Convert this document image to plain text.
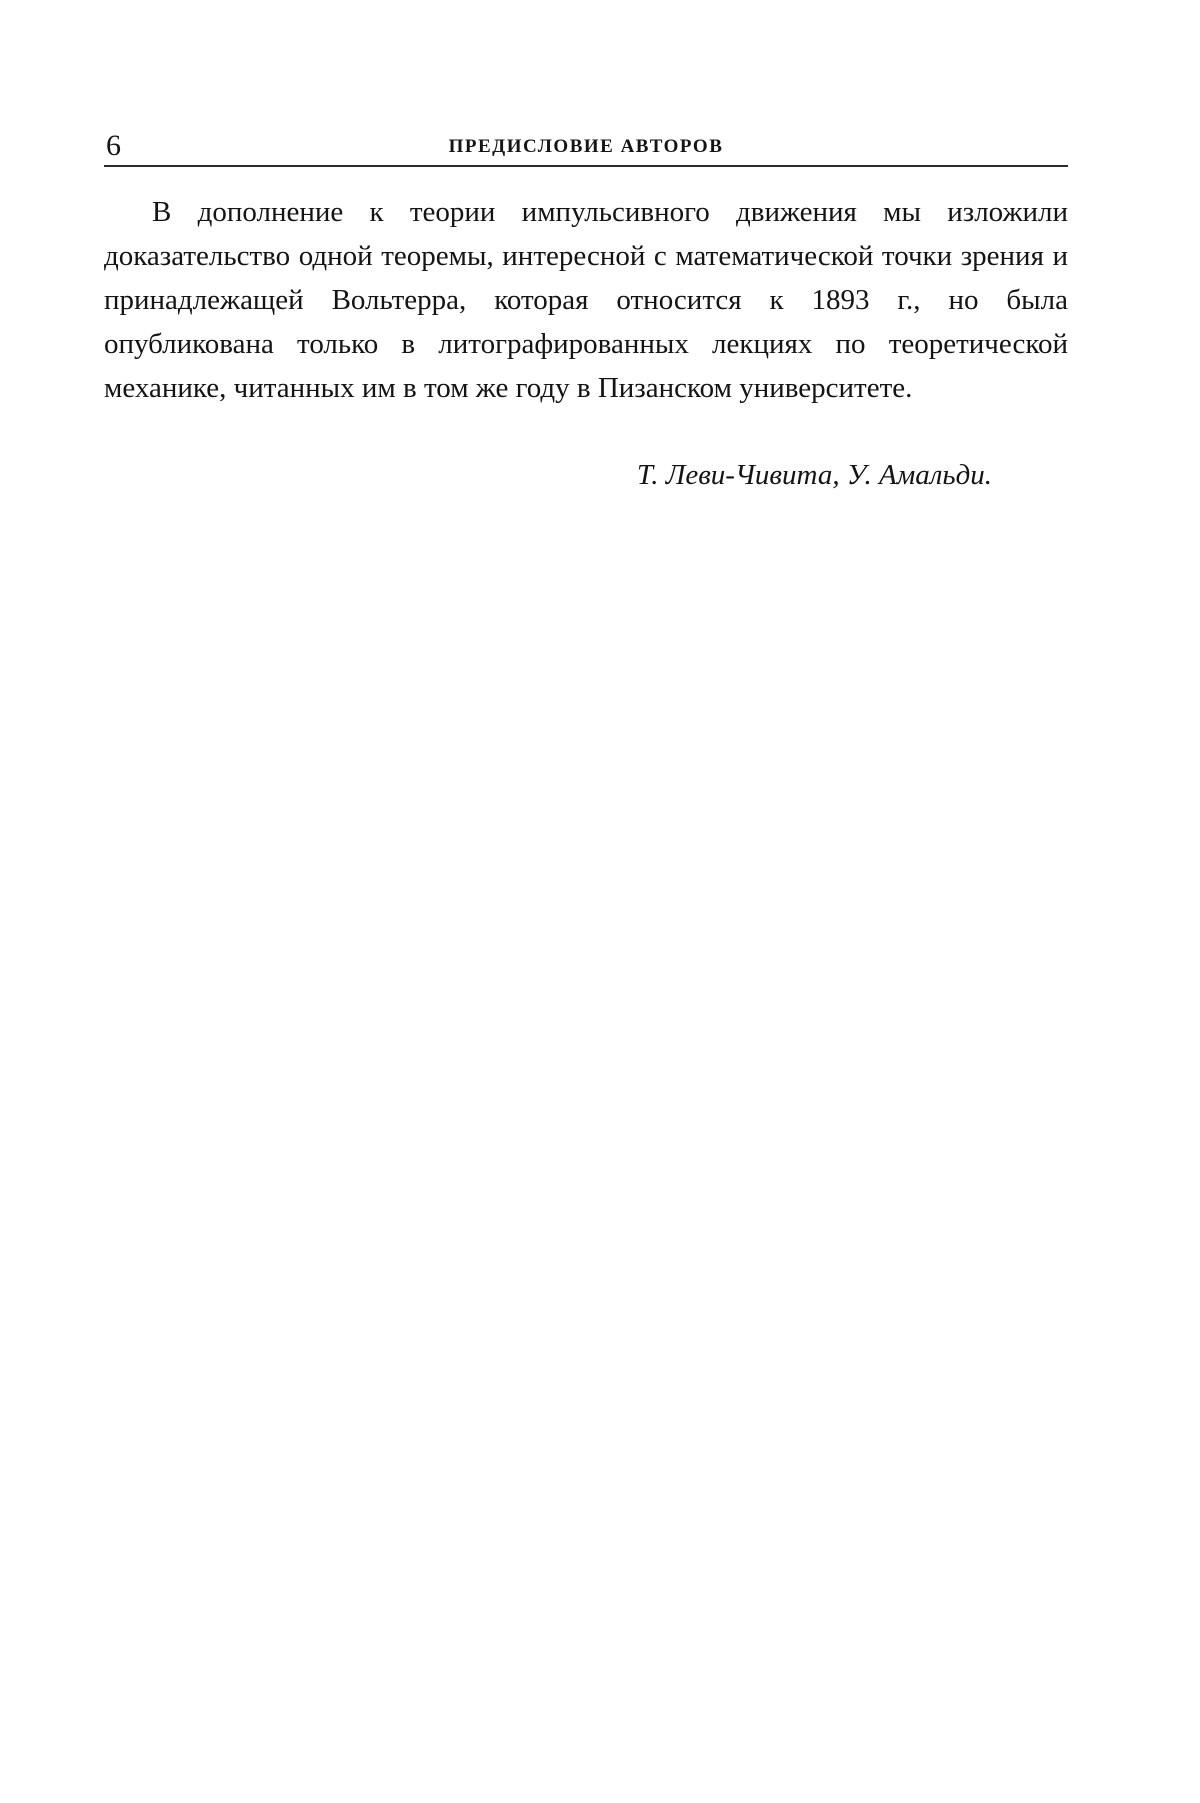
6	ПРЕДИСЛОВИЕ АВТОРОВ

В дополнение к теории импульсивного движения мы изложили доказательство одной теоремы, интересной с математической точки зрения и принадлежащей Вольтерра, которая относится к 1893 г., но была опубликована только в литографированных лекциях по теоретической механике, читанных им в том же году в Пизанском университете.

Т. Леви-Чивита, У. Амальди.
